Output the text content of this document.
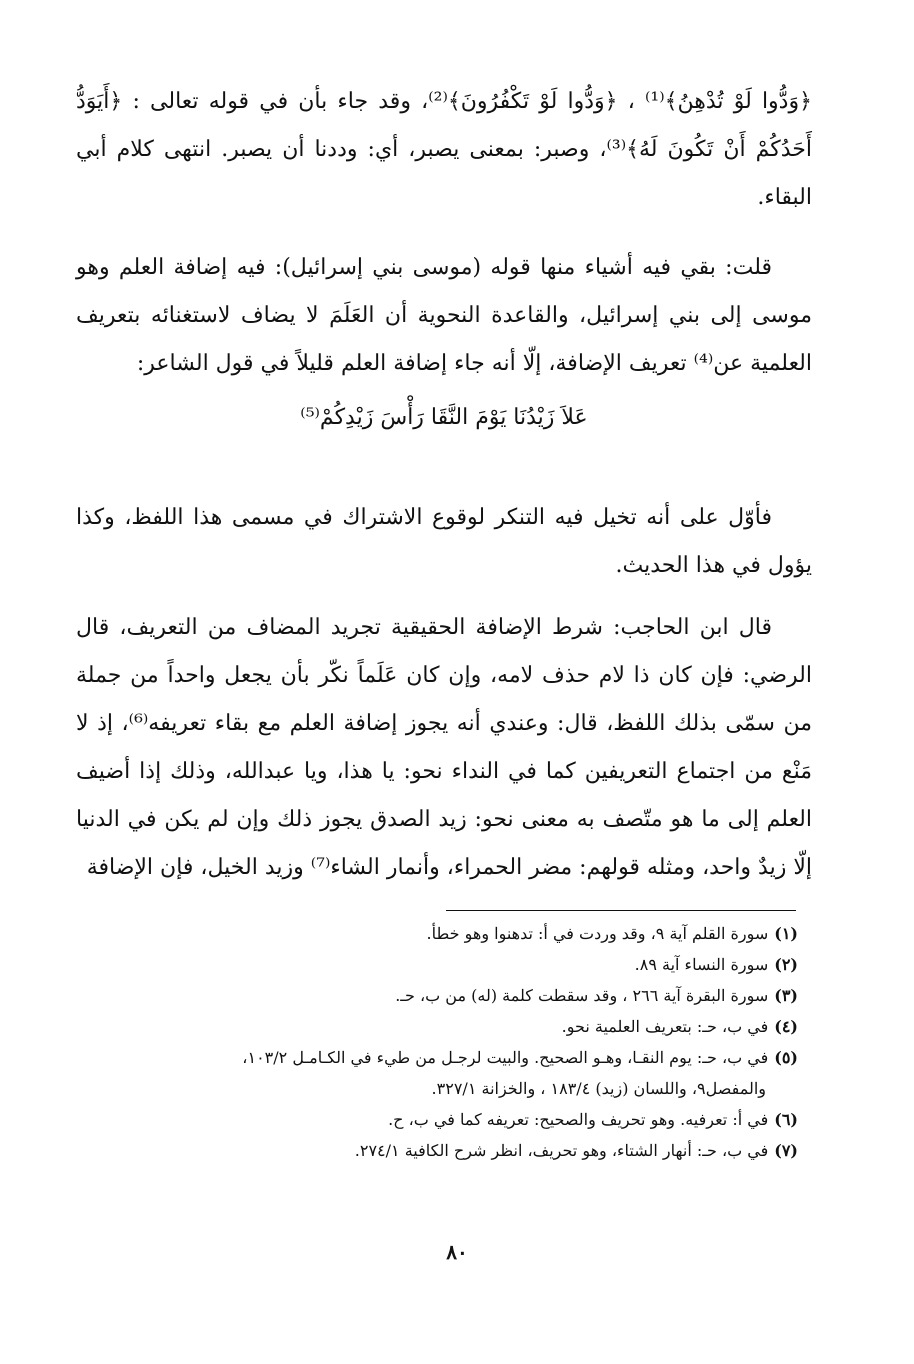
﴿وَدُّوا لَوْ تُدْهِنُ﴾⁽¹⁾ ، ﴿وَدُّوا لَوْ تَكْفُرُونَ﴾⁽²⁾، وقد جاء بأن في قوله تعالى : ﴿أَيَوَدُّ أَحَدُكُمْ أَنْ تَكُونَ لَهُ﴾⁽³⁾، وصبر: بمعنى يصبر، أي: وددنا أن يصبر. انتهى كلام أبي البقاء.

قلت: بقي فيه أشياء منها قوله (موسى بني إسرائيل): فيه إضافة العلم وهو موسى إلى بني إسرائيل، والقاعدة النحوية أن العَلَمَ لا يضاف لاستغنائه بتعريف العلمية عن⁽⁴⁾ تعريف الإضافة، إلّا أنه جاء إضافة العلم قليلاً في قول الشاعر:

عَلاَ زَيْدُنَا يَوْمَ النَّقَا رَأْسَ زَيْدِكُمْ⁽⁵⁾

فأوّل على أنه تخيل فيه التنكر لوقوع الاشتراك في مسمى هذا اللفظ، وكذا يؤول في هذا الحديث.

قال ابن الحاجب: شرط الإضافة الحقيقية تجريد المضاف من التعريف، قال الرضي: فإن كان ذا لام حذف لامه، وإن كان عَلَماً نكّر بأن يجعل واحداً من جملة من سمّى بذلك اللفظ، قال: وعندي أنه يجوز إضافة العلم مع بقاء تعريفه⁽⁶⁾، إذ لا مَنْع من اجتماع التعريفين كما في النداء نحو: يا هذا، ويا عبدالله، وذلك إذا أضيف العلم إلى ما هو متّصف به معنى نحو: زيد الصدق يجوز ذلك وإن لم يكن في الدنيا إلّا زيدٌ واحد، ومثله قولهم: مضر الحمراء، وأنمار الشاء⁽⁷⁾ وزيد الخيل، فإن الإضافة

(١)سورة القلم آية ٩، وقد وردت في أ: تدهنوا وهو خطأ.

(٢)سورة النساء آية ٨٩.

(٣)سورة البقرة آية ٢٦٦ ، وقد سقطت كلمة (له) من ب، حـ.

(٤)في ب، حـ: بتعريف العلمية نحو.

(٥)في ب، حـ: يوم النقـا، وهـو الصحيح. والبيت لرجـل من طيء في الكـامـل ١٠٣/٢،
والمفصل٩، واللسان (زيد) ١٨٣/٤ ، والخزانة ٣٢٧/١.

(٦)في أ: تعرفيه. وهو تحريف والصحيح: تعريفه كما في ب، ح.

(٧)في ب، حـ: أنهار الشتاء، وهو تحريف، انظر شرح الكافية ٢٧٤/١.

٨٠
